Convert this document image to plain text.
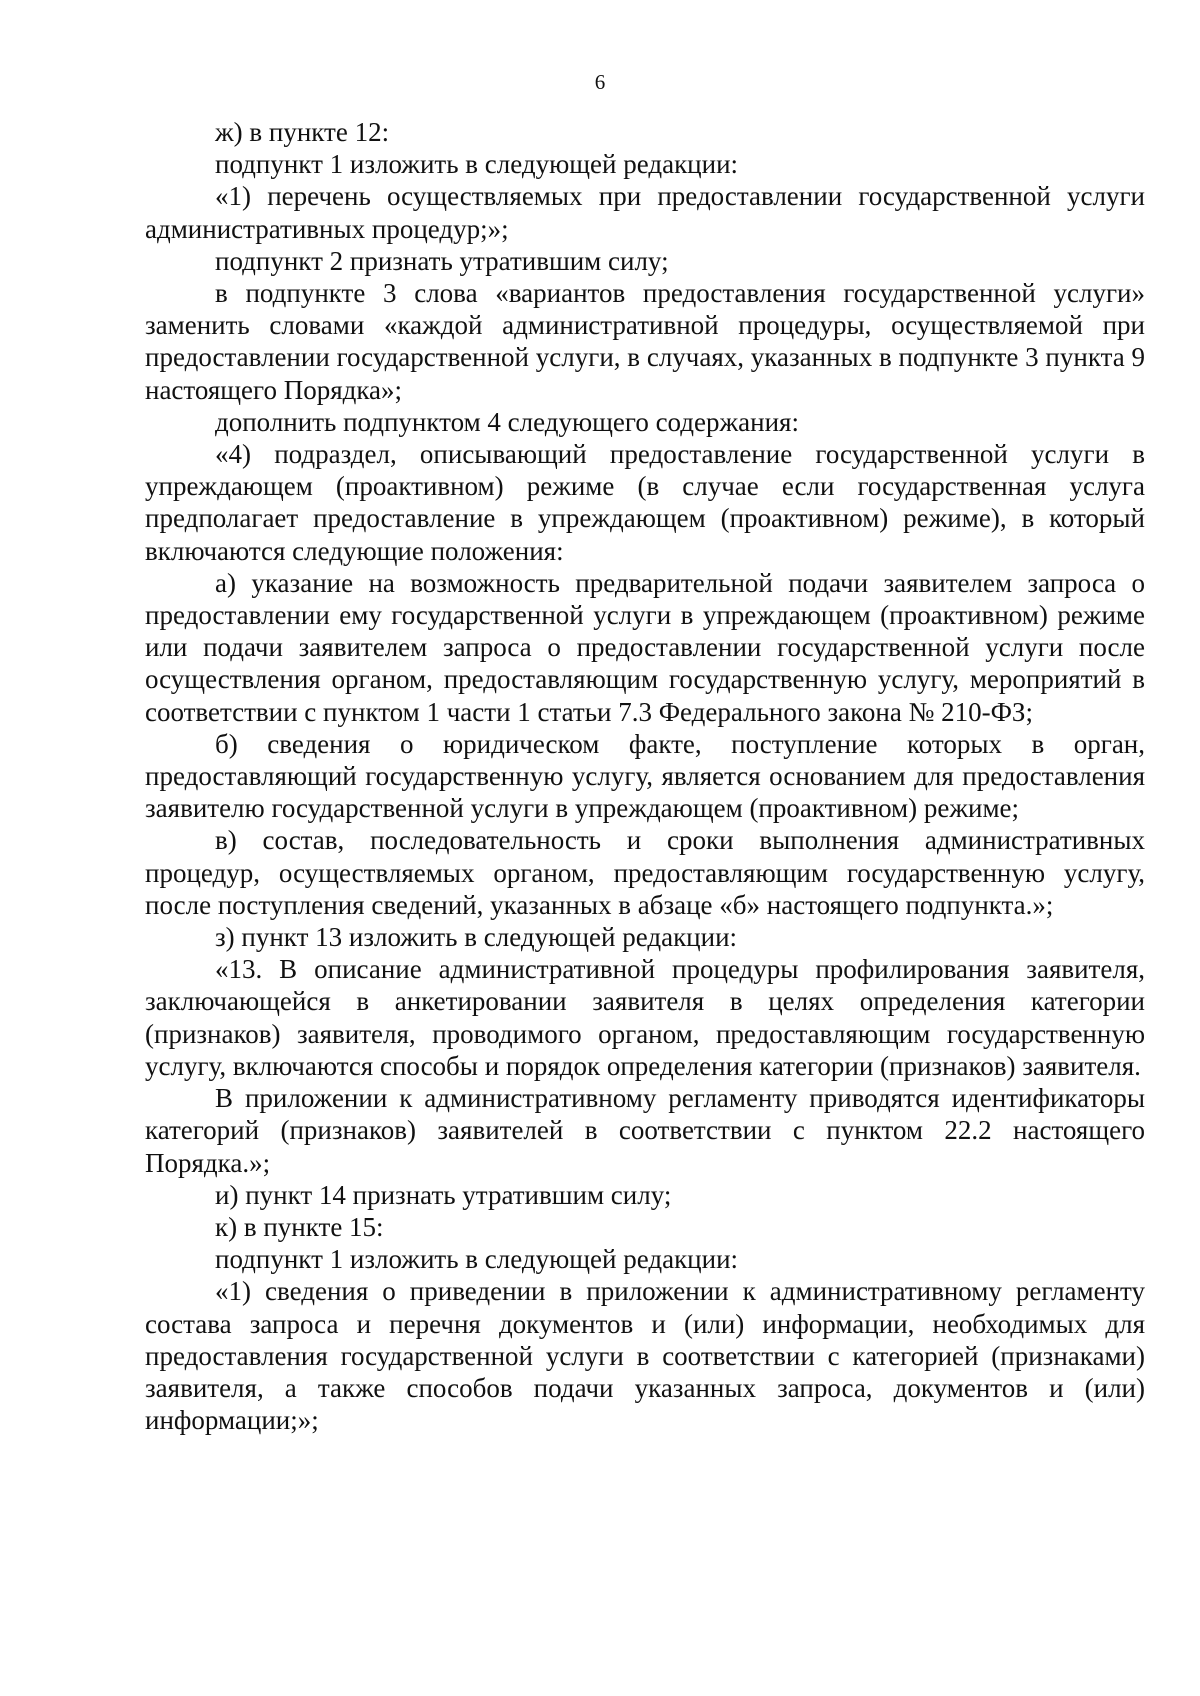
6

ж) в пункте 12:

подпункт 1 изложить в следующей редакции:

«1) перечень осуществляемых при предоставлении государственной услуги административных процедур;»;

подпункт 2 признать утратившим силу;

в подпункте 3 слова «вариантов предоставления государственной услуги» заменить словами «каждой административной процедуры, осуществляемой при предоставлении государственной услуги, в случаях, указанных в подпункте 3 пункта 9 настоящего Порядка»;

дополнить подпунктом 4 следующего содержания:

«4) подраздел, описывающий предоставление государственной услуги в упреждающем (проактивном) режиме (в случае если государственная услуга предполагает предоставление в упреждающем (проактивном) режиме), в который включаются следующие положения:

а) указание на возможность предварительной подачи заявителем запроса о предоставлении ему государственной услуги в упреждающем (проактивном) режиме или подачи заявителем запроса о предоставлении государственной услуги после осуществления органом, предоставляющим государственную услугу, мероприятий в соответствии с пунктом 1 части 1 статьи 7.3 Федерального закона № 210-ФЗ;

б) сведения о юридическом факте, поступление которых в орган, предоставляющий государственную услугу, является основанием для предоставления заявителю государственной услуги в упреждающем (проактивном) режиме;

в) состав, последовательность и сроки выполнения административных процедур, осуществляемых органом, предоставляющим государственную услугу, после поступления сведений, указанных в абзаце «б» настоящего подпункта.»;

з) пункт 13 изложить в следующей редакции:

«13. В описание административной процедуры профилирования заявителя, заключающейся в анкетировании заявителя в целях определения категории (признаков) заявителя, проводимого органом, предоставляющим государственную услугу, включаются способы и порядок определения категории (признаков) заявителя.

В приложении к административному регламенту приводятся идентификаторы категорий (признаков) заявителей в соответствии с пунктом 22.2 настоящего Порядка.»;

и) пункт 14 признать утратившим силу;

к) в пункте 15:

подпункт 1 изложить в следующей редакции:

«1) сведения о приведении в приложении к административному регламенту состава запроса и перечня документов и (или) информации, необходимых для предоставления государственной услуги в соответствии с категорией (признаками) заявителя, а также способов подачи указанных запроса, документов и (или) информации;»;
